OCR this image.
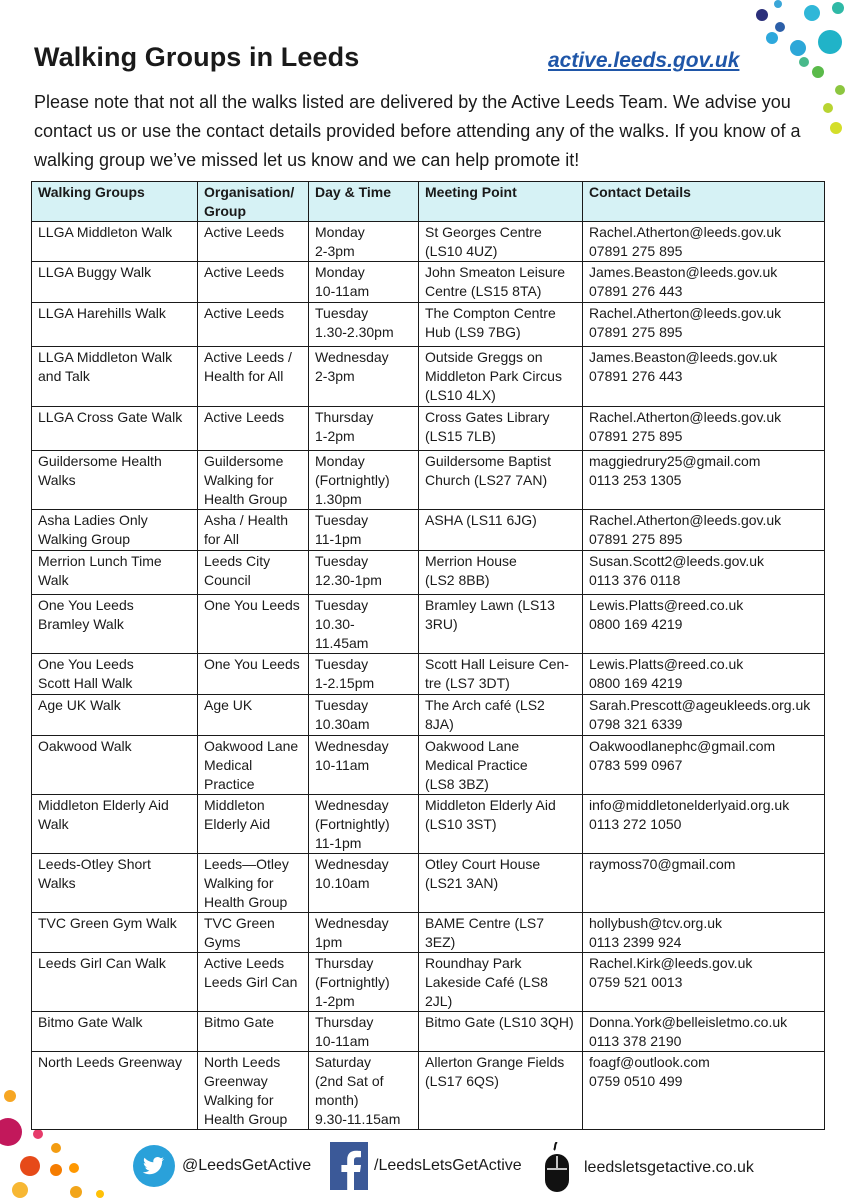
Walking Groups in Leeds	active.leeds.gov.uk

Please note that not all the walks listed are delivered by the Active Leeds Team. We advise you contact us or use the contact details provided before attending any of the walks. If you know of a walking group we’ve missed let us know and we can help promote it!

Walking Groups	Organisation/ Group	Day & Time	Meeting Point	Contact Details

LLGA Middleton Walk	Active Leeds	Monday
2-3pm	St Georges Centre
(LS10 4UZ)	Rachel.Atherton@leeds.gov.uk
07891 275 895

LLGA Buggy Walk	Active Leeds	Monday
10-11am	John Smeaton Leisure
Centre (LS15 8TA)	James.Beaston@leeds.gov.uk
07891 276 443

LLGA Harehills Walk	Active Leeds	Tuesday
1.30-2.30pm	The Compton Centre
Hub (LS9 7BG)	Rachel.Atherton@leeds.gov.uk
07891 275 895

LLGA Middleton Walk
and Talk	Active Leeds /
Health for All	Wednesday
2-3pm	Outside Greggs on
Middleton Park Circus
(LS10 4LX)	James.Beaston@leeds.gov.uk
07891 276 443

LLGA Cross Gate Walk	Active Leeds	Thursday
1-2pm	Cross Gates Library
(LS15 7LB)	Rachel.Atherton@leeds.gov.uk
07891 275 895

Guildersome Health
Walks	Guildersome
Walking for
Health Group	Monday
(Fortnightly)
1.30pm	Guildersome Baptist
Church (LS27 7AN)	maggiedrury25@gmail.com
0113 253 1305

Asha Ladies Only
Walking Group	Asha / Health
for All	Tuesday
11-1pm	ASHA (LS11 6JG)	Rachel.Atherton@leeds.gov.uk
07891 275 895

Merrion Lunch Time
Walk	Leeds City
Council	Tuesday
12.30-1pm	Merrion House
(LS2 8BB)	Susan.Scott2@leeds.gov.uk
0113 376 0118

One You Leeds
Bramley Walk	One You Leeds	Tuesday
10.30-
11.45am	Bramley Lawn (LS13
3RU)	Lewis.Platts@reed.co.uk
0800 169 4219

One You Leeds
Scott Hall Walk	One You Leeds	Tuesday
1-2.15pm	Scott Hall Leisure Cen-
tre (LS7 3DT)	Lewis.Platts@reed.co.uk
0800 169 4219

Age UK Walk	Age UK	Tuesday
10.30am	The Arch café (LS2 8JA)	Sarah.Prescott@ageukleeds.org.uk
0798 321 6339

Oakwood Walk	Oakwood Lane
Medical
Practice	Wednesday
10-11am	Oakwood Lane
Medical Practice
(LS8 3BZ)	Oakwoodlanephc@gmail.com
0783 599 0967

Middleton Elderly Aid
Walk	Middleton
Elderly Aid	Wednesday
(Fortnightly)
11-1pm	Middleton Elderly Aid
(LS10 3ST)	info@middletonelderlyaid.org.uk
0113 272 1050

Leeds-Otley Short
Walks	Leeds—Otley
Walking for
Health Group	Wednesday
10.10am	Otley Court House
(LS21 3AN)	raymoss70@gmail.com

TVC Green Gym Walk	TVC Green
Gyms	Wednesday
1pm	BAME Centre (LS7 3EZ)	hollybush@tcv.org.uk
0113 2399 924

Leeds Girl Can Walk	Active Leeds
Leeds Girl Can	Thursday
(Fortnightly)
1-2pm	Roundhay Park
Lakeside Café (LS8 2JL)	Rachel.Kirk@leeds.gov.uk
0759 521 0013

Bitmo Gate Walk	Bitmo Gate	Thursday
10-11am	Bitmo Gate (LS10 3QH)	Donna.York@belleisletmo.co.uk
0113 378 2190

North Leeds Greenway	North Leeds
Greenway
Walking for
Health Group	Saturday
(2nd Sat of
month)
9.30-11.15am	Allerton Grange Fields
(LS17 6QS)	foagf@outlook.com
0759 0510 499
@LeedsGetActive	/LeedsLetsGetActive	leedsletsgetactive.co.uk
